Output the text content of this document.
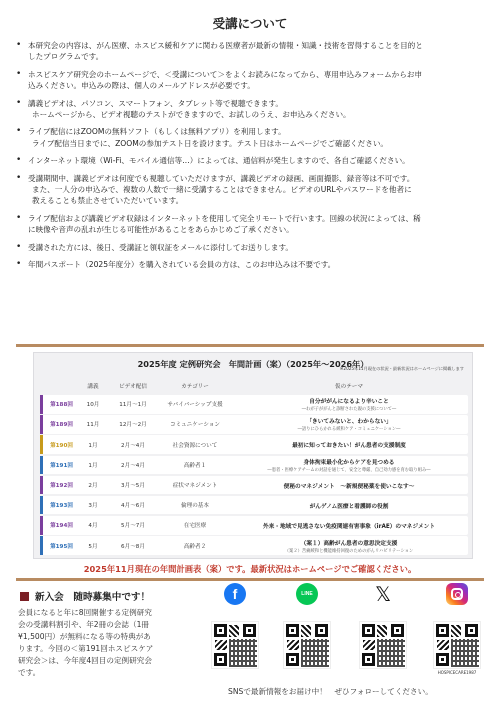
受講について
• 本研究会の内容は、がん医療、ホスピス緩和ケアに関わる医療者が最新の情報・知識・技術を習得することを目的と
したプログラムです。
• ホスピスケア研究会のホームページで、＜受講について＞をよくお読みになってから、専用申込みフォームからお申
込みください。申込みの際は、個人のメールアドレスが必要です。
• 講義ビデオは、パソコン、スマートフォン、タブレット等で視聴できます。
ホームページから、ビデオ視聴のテストができますので、お試しのうえ、お申込みください。
• ライブ配信にはZOOMの無料ソフト（もしくは無料アプリ）を利用します。
ライブ配信当日までに、ZOOMの参加テスト日を設けます。テスト日はホームページでご確認ください。
• インターネット環境（Wi-Fi、モバイル通信等…）によっては、通信料が発生しますので、各自ご確認ください。
• 受講期間中、講義ビデオは何度でも視聴していただけますが、講義ビデオの録画、画面撮影、録音等は不可です。
また、一人分の申込みで、複数の人数で一緒に受講することはできません。ビデオのURLやパスワードを他者に
教えることも禁止させていただいています。
• ライブ配信および講義ビデオ収録はインターネットを使用して完全リモートで行います。回線の状況によっては、稀
に映像や音声の乱れが生じる可能性があることをあらかじめご了承ください。
• 受講された方には、後日、受講証と領収証をメールに添付してお送りします。
• 年間パスポート（2025年度分）を購入されている会員の方は、このお申込みは不要です。
2025年度 定例研究会　年間計画（案）（2025年〜2026年）
※2025年11月現在の状況・最新状況はホームページに掲載します
講義	ビデオ配信	カテゴリー	仮のテーマ
第188回	10月	11月〜1月	サバイバーシップ支援	自分ががんになるより辛いこと
―わが子ががんと診断された親の支援について―
第189回	11月	12月〜2月	コミュニケーション	「きいてみないと、わからない」
―語りにひらかれる緩和ケア・コミュニケーション―
第190回	1月	2月〜4月	社会資源について	最初に知っておきたい！がん患者の支援制度
第191回	1月	2月〜4月	高齢者１	身体拘束最小化からケアを見つめる
―患者・医療ケアチームの対話を通じて、安全と尊厳、自己効力感を育む取り組み―
第192回	2月	3月〜5月	症状マネジメント	便秘のマネジメント　〜新規便秘薬を使いこなす〜
第193回	3月	4月〜6月	倫理の基本	がんゲノム医療と看護師の役割
第194回	4月	5月〜7月	在宅医療	外来・地域で見逃さない免疫関連有害事象（irAE）のマネジメント
第195回	5月	6月〜8月	高齢者２	（案１）高齢がん患者の意思決定支援
（案２）苦痛緩和と機能維持回復のためのがんリハビリテーション
2025年11月現在の年間計画表（案）です。最新状況はホームページでご確認ください。
新入会　随時募集中です！
会員になると年に8回開催する定例研究
会の受講料割引や、年2冊の会誌（1冊
¥1,500円）が無料になる等の特典があ
ります。今回の＜第191回ホスピスケア
研究会＞は、今年度4回目の定例研究会
です。
f	LINE	𝕏
HOSPICECARE1987
SNSで最新情報をお届け中！　ぜひフォローしてください。
